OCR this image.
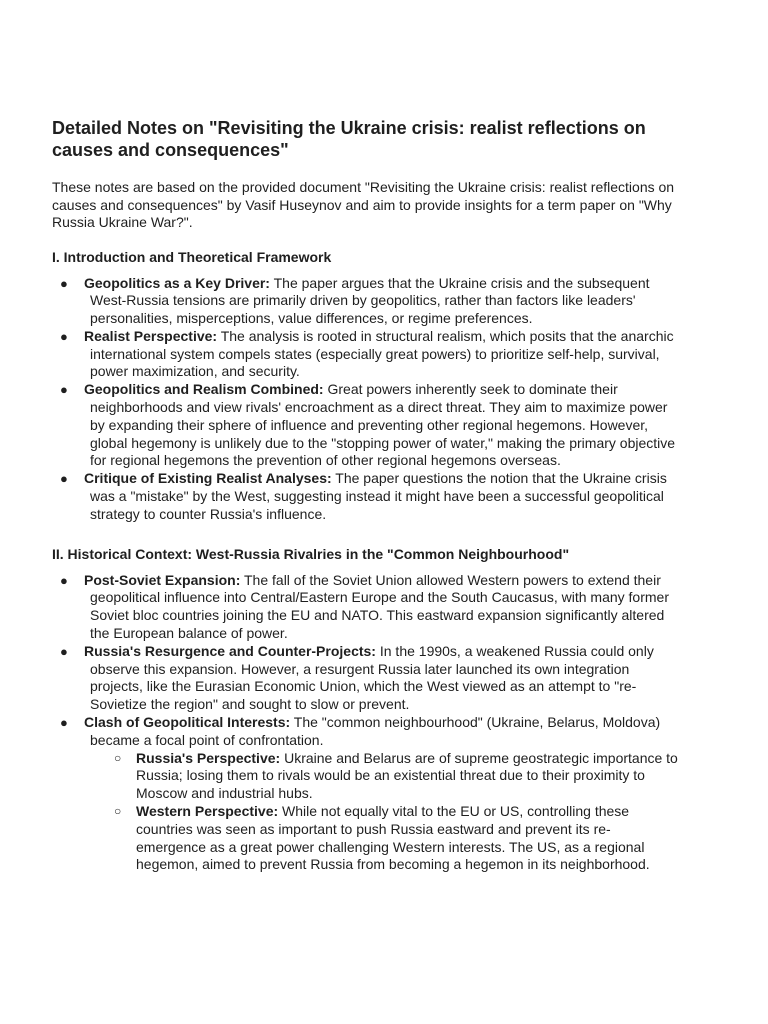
Detailed Notes on "Revisiting the Ukraine crisis: realist reflections on causes and consequences"

These notes are based on the provided document "Revisiting the Ukraine crisis: realist reflections on causes and consequences" by Vasif Huseynov and aim to provide insights for a term paper on "Why Russia Ukraine War?".

I. Introduction and Theoretical Framework
● Geopolitics as a Key Driver: The paper argues that the Ukraine crisis and the subsequent West-Russia tensions are primarily driven by geopolitics, rather than factors like leaders' personalities, misperceptions, value differences, or regime preferences.
● Realist Perspective: The analysis is rooted in structural realism, which posits that the anarchic international system compels states (especially great powers) to prioritize self-help, survival, power maximization, and security.
● Geopolitics and Realism Combined: Great powers inherently seek to dominate their neighborhoods and view rivals' encroachment as a direct threat. They aim to maximize power by expanding their sphere of influence and preventing other regional hegemons. However, global hegemony is unlikely due to the "stopping power of water," making the primary objective for regional hegemons the prevention of other regional hegemons overseas.
● Critique of Existing Realist Analyses: The paper questions the notion that the Ukraine crisis was a "mistake" by the West, suggesting instead it might have been a successful geopolitical strategy to counter Russia's influence.
II. Historical Context: West-Russia Rivalries in the "Common Neighbourhood"
● Post-Soviet Expansion: The fall of the Soviet Union allowed Western powers to extend their geopolitical influence into Central/Eastern Europe and the South Caucasus, with many former Soviet bloc countries joining the EU and NATO. This eastward expansion significantly altered the European balance of power.
● Russia's Resurgence and Counter-Projects: In the 1990s, a weakened Russia could only observe this expansion. However, a resurgent Russia later launched its own integration projects, like the Eurasian Economic Union, which the West viewed as an attempt to "re-Sovietize the region" and sought to slow or prevent.
● Clash of Geopolitical Interests: The "common neighbourhood" (Ukraine, Belarus, Moldova) became a focal point of confrontation.
○ Russia's Perspective: Ukraine and Belarus are of supreme geostrategic importance to Russia; losing them to rivals would be an existential threat due to their proximity to Moscow and industrial hubs.
○ Western Perspective: While not equally vital to the EU or US, controlling these countries was seen as important to push Russia eastward and prevent its re-emergence as a great power challenging Western interests. The US, as a regional hegemon, aimed to prevent Russia from becoming a hegemon in its neighborhood.
